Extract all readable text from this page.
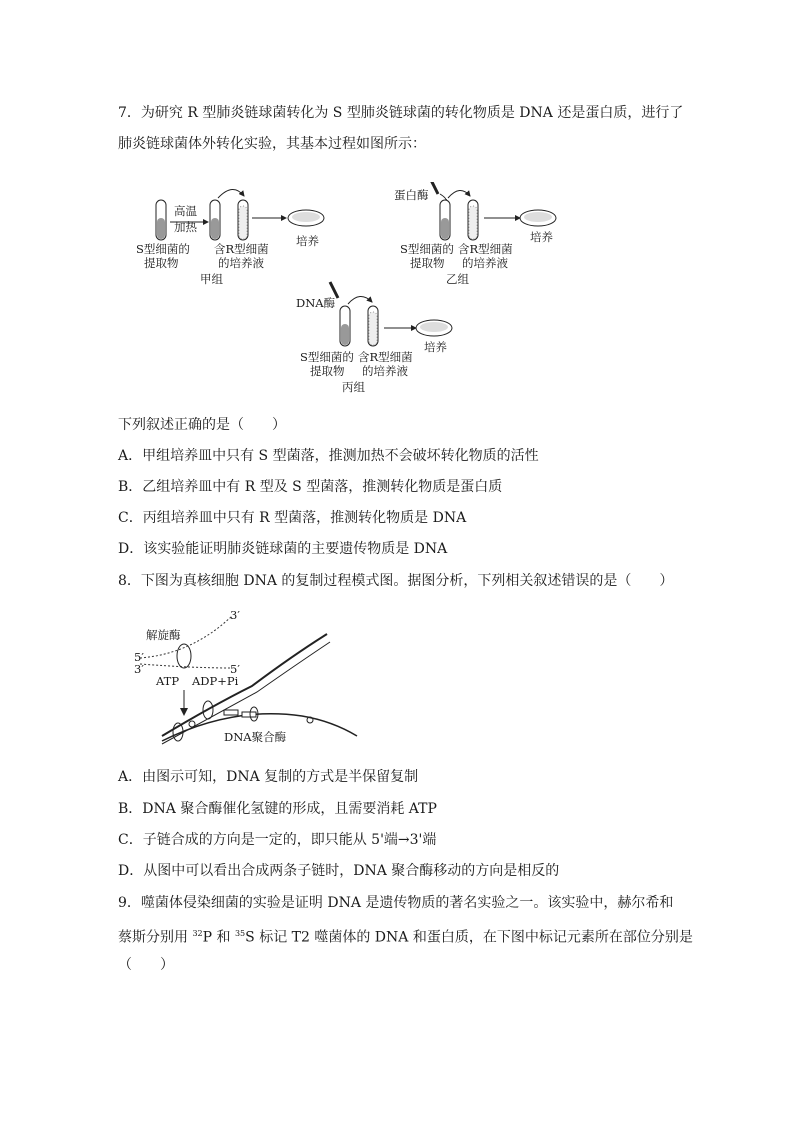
7．为研究 R 型肺炎链球菌转化为 S 型肺炎链球菌的转化物质是 DNA 还是蛋白质，进行了
肺炎链球菌体外转化实验，其基本过程如图所示：
高温
加热
S型细菌的
提取物
含R型细菌
的培养液
培养
甲组
蛋白酶
S型细菌的
提取物
含R型细菌
的培养液
培养
乙组
DNA酶
S型细菌的
提取物
含R型细菌
的培养液
培养
丙组
下列叙述正确的是（　　）
A．甲组培养皿中只有 S 型菌落，推测加热不会破坏转化物质的活性
B．乙组培养皿中有 R 型及 S 型菌落，推测转化物质是蛋白质
C．丙组培养皿中只有 R 型菌落，推测转化物质是 DNA
D．该实验能证明肺炎链球菌的主要遗传物质是 DNA
8．下图为真核细胞 DNA 的复制过程模式图。据图分析，下列相关叙述错误的是（　　）
解旋酶
3′
5′
3′	5′
ATP ADP+Pi
DNA聚合酶
A．由图示可知，DNA 复制的方式是半保留复制
B．DNA 聚合酶催化氢键的形成，且需要消耗 ATP
C．子链合成的方向是一定的，即只能从 5'端→3'端
D．从图中可以看出合成两条子链时，DNA 聚合酶移动的方向是相反的
9．噬菌体侵染细菌的实验是证明 DNA 是遗传物质的著名实验之一。该实验中，赫尔希和
蔡斯分别用 $^{32}$P 和 $^{35}$S 标记 T2 噬菌体的 DNA 和蛋白质，在下图中标记元素所在部位分别是
（　　）
